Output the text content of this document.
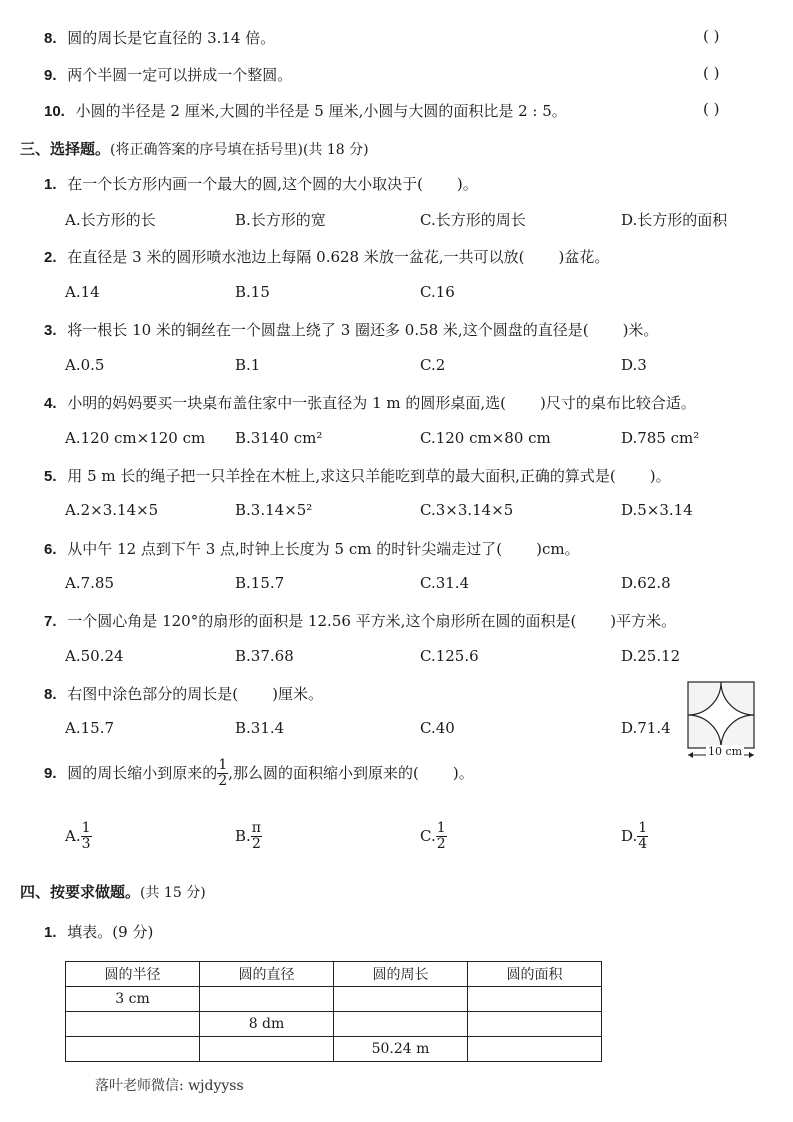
8. 圆的周长是它直径的 3.14 倍。	( )
9. 两个半圆一定可以拼成一个整圆。	( )
10. 小圆的半径是 2 厘米,大圆的半径是 5 厘米,小圆与大圆的面积比是 2 : 5。	( )
三、选择题。(将正确答案的序号填在括号里)(共 18 分)
1. 在一个长方形内画一个最大的圆,这个圆的大小取决于( )。
A.长方形的长	B.长方形的宽	C.长方形的周长	D.长方形的面积
2. 在直径是 3 米的圆形喷水池边上每隔 0.628 米放一盆花,一共可以放( )盆花。
A.14	B.15	C.16
3. 将一根长 10 米的铜丝在一个圆盘上绕了 3 圈还多 0.58 米,这个圆盘的直径是( )米。
A.0.5	B.1	C.2	D.3
4. 小明的妈妈要买一块桌布盖住家中一张直径为 1 m 的圆形桌面,选( )尺寸的桌布比较合适。
A.120 cm×120 cm B.3140 cm²	C.120 cm×80 cm	D.785 cm²
5. 用 5 m 长的绳子把一只羊拴在木桩上,求这只羊能吃到草的最大面积,正确的算式是( )。
A.2×3.14×5	B.3.14×5²	C.3×3.14×5	D.5×3.14
6. 从中午 12 点到下午 3 点,时钟上长度为 5 cm 的时针尖端走过了( )cm。
A.7.85	B.15.7	C.31.4	D.62.8
7. 一个圆心角是 120°的扇形的面积是 12.56 平方米,这个扇形所在圆的面积是( )平方米。
A.50.24	B.37.68	C.125.6	D.25.12
8. 右图中涂色部分的周长是( )厘米。
A.15.7	B.31.4	C.40	D.71.4
10 cm
9. 圆的周长缩小到原来的 $\frac{1}{2}$ ,那么圆的面积缩小到原来的( )。
A. $\frac{1}{3}$	B. $\frac{\pi}{2}$	C. $\frac{1}{2}$	D. $\frac{1}{4}$
四、按要求做题。(共 15 分)
1. 填表。(9 分)
圆的半径	圆的直径	圆的周长	圆的面积
3 cm			
	8 dm		
		50.24 m	
落叶老师微信: wjdyyss
